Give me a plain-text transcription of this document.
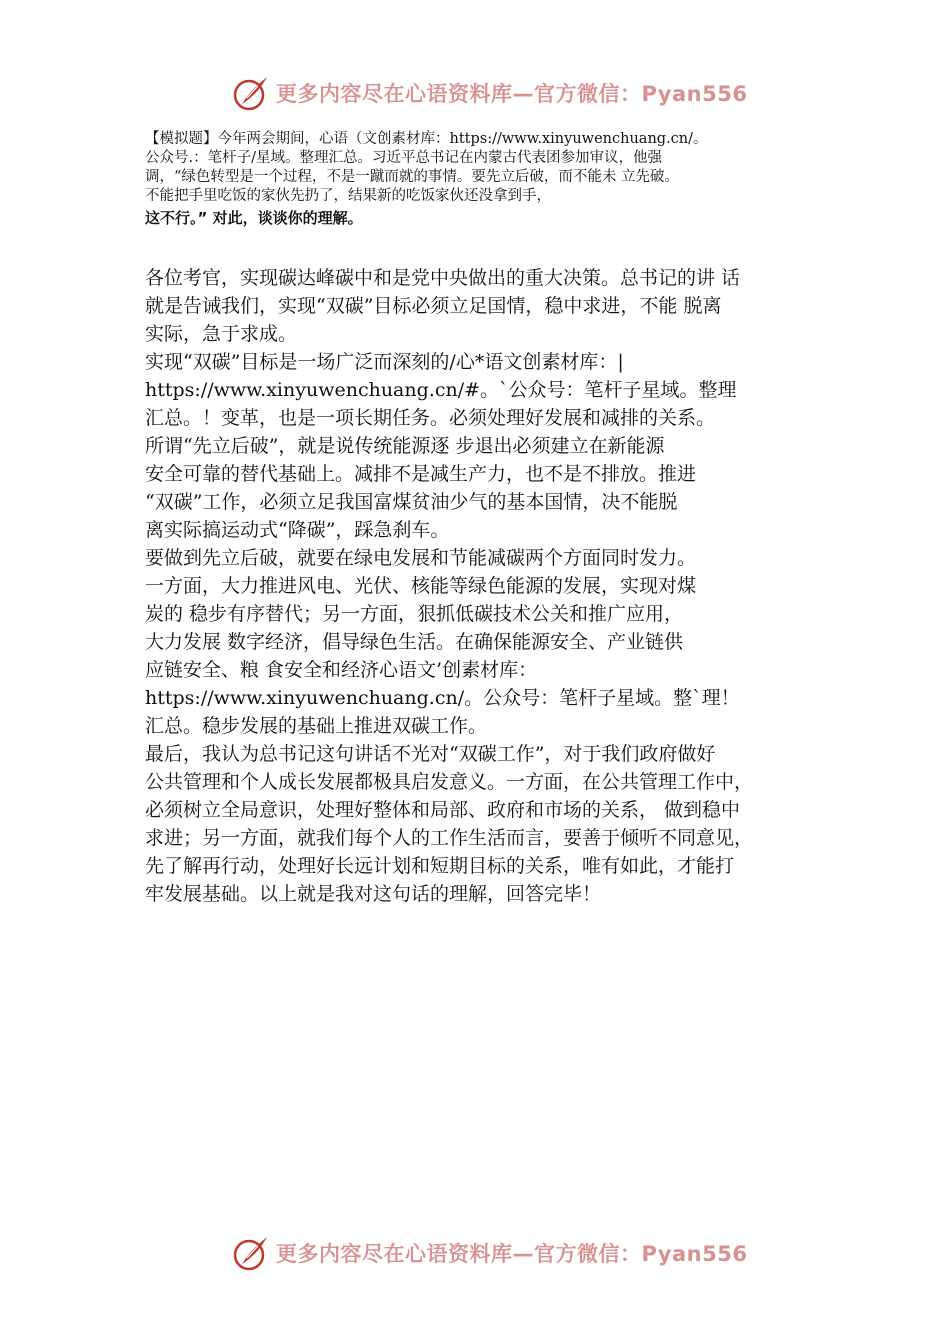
更多内容尽在心语资料库—官方微信：Pyan556

【模拟题】今年两会期间，心语（文创素材库：https://www.xinyuwenchuang.cn/。

公众号.：笔杆子/星域。整理汇总。习近平总书记在内蒙古代表团参加审议，他强

调，“绿色转型是一个过程，不是一蹴而就的事情。要先立后破，而不能未 立先破。

不能把手里吃饭的家伙先扔了，结果新的吃饭家伙还没拿到手，

这不行。” 对此，谈谈你的理解。

各位考官，实现碳达峰碳中和是党中央做出的重大决策。总书记的讲 话

就是告诫我们，实现“双碳”目标必须立足国情，稳中求进，不能 脱离

实际，急于求成。

实现“双碳”目标是一场广泛而深刻的/心*语文创素材库：|

https://www.xinyuwenchuang.cn/#。`公众号：笔杆子星域。整理

汇总。！变革，也是一项长期任务。必须处理好发展和减排的关系。

所谓“先立后破”，就是说传统能源逐 步退出必须建立在新能源

安全可靠的替代基础上。减排不是减生产力，也不是不排放。推进

“双碳”工作，必须立足我国富煤贫油少气的基本国情，决不能脱

离实际搞运动式“降碳”，踩急刹车。

要做到先立后破，就要在绿电发展和节能减碳两个方面同时发力。

一方面，大力推进风电、光伏、核能等绿色能源的发展，实现对煤

炭的 稳步有序替代；另一方面，狠抓低碳技术公关和推广应用，

大力发展 数字经济，倡导绿色生活。在确保能源安全、产业链供

应链安全、粮 食安全和经济心语文’创素材库：

https://www.xinyuwenchuang.cn/。公众号：笔杆子星域。整`理！

汇总。稳步发展的基础上推进双碳工作。

最后，我认为总书记这句讲话不光对“双碳工作”，对于我们政府做好

公共管理和个人成长发展都极具启发意义。一方面，在公共管理工作中，

必须树立全局意识，处理好整体和局部、政府和市场的关系， 做到稳中

求进；另一方面，就我们每个人的工作生活而言，要善于倾听不同意见，

先了解再行动，处理好长远计划和短期目标的关系，唯有如此，才能打

牢发展基础。以上就是我对这句话的理解，回答完毕！

更多内容尽在心语资料库—官方微信：Pyan556
